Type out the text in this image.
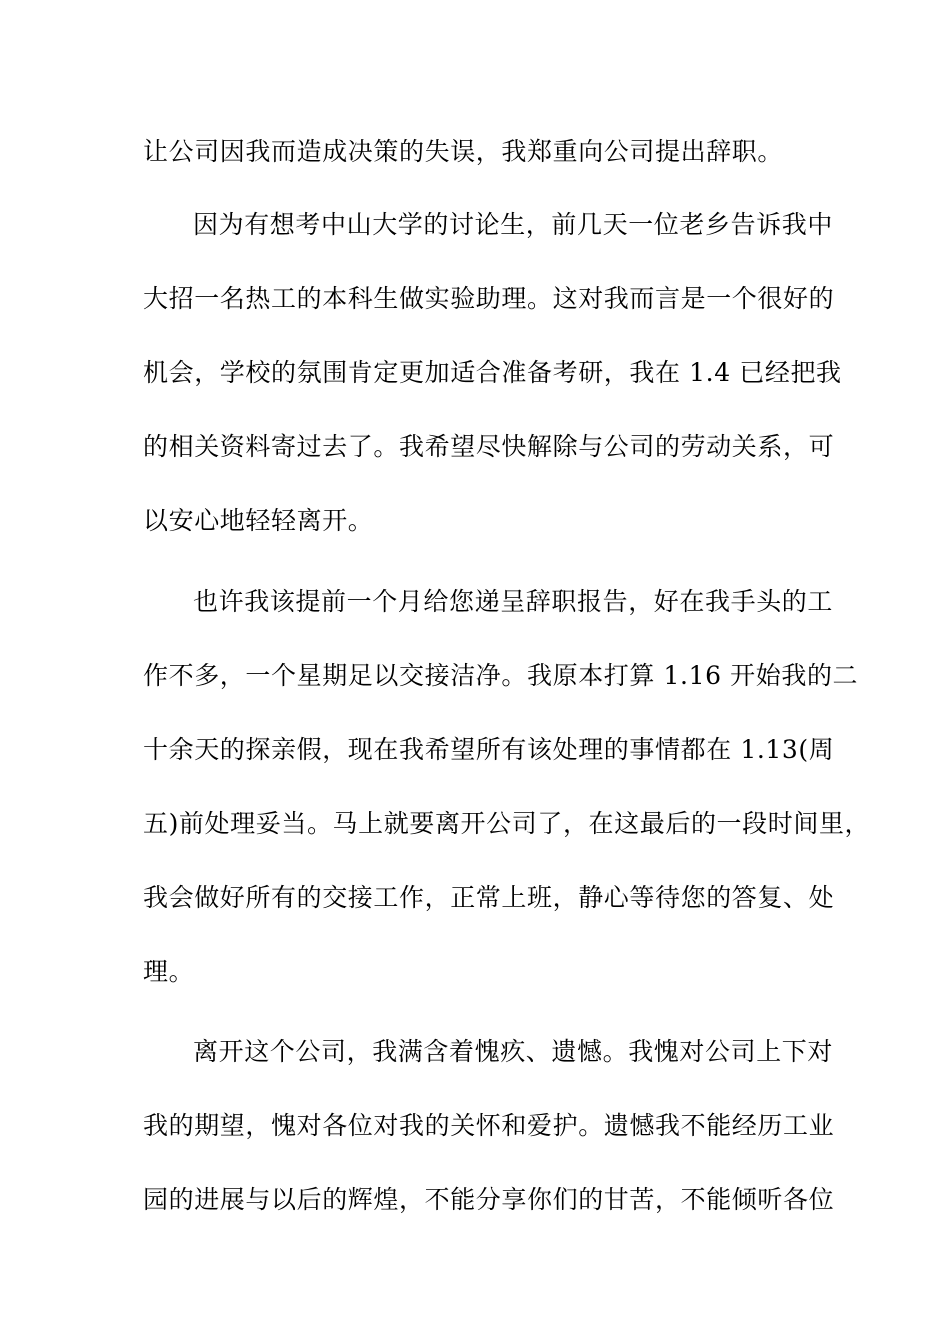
让公司因我而造成决策的失误，我郑重向公司提出辞职。
因为有想考中山大学的讨论生，前几天一位老乡告诉我中
大招一名热工的本科生做实验助理。这对我而言是一个很好的
机会，学校的氛围肯定更加适合准备考研，我在 1.4 已经把我
的相关资料寄过去了。我希望尽快解除与公司的劳动关系，可
以安心地轻轻离开。
也许我该提前一个月给您递呈辞职报告，好在我手头的工
作不多，一个星期足以交接洁净。我原本打算 1.16 开始我的二
十余天的探亲假，现在我希望所有该处理的事情都在 1.13(周
五)前处理妥当。马上就要离开公司了，在这最后的一段时间里，
我会做好所有的交接工作，正常上班，静心等待您的答复、处
理。
离开这个公司，我满含着愧疚、遗憾。我愧对公司上下对
我的期望，愧对各位对我的关怀和爱护。遗憾我不能经历工业
园的进展与以后的辉煌，不能分享你们的甘苦，不能倾听各位
